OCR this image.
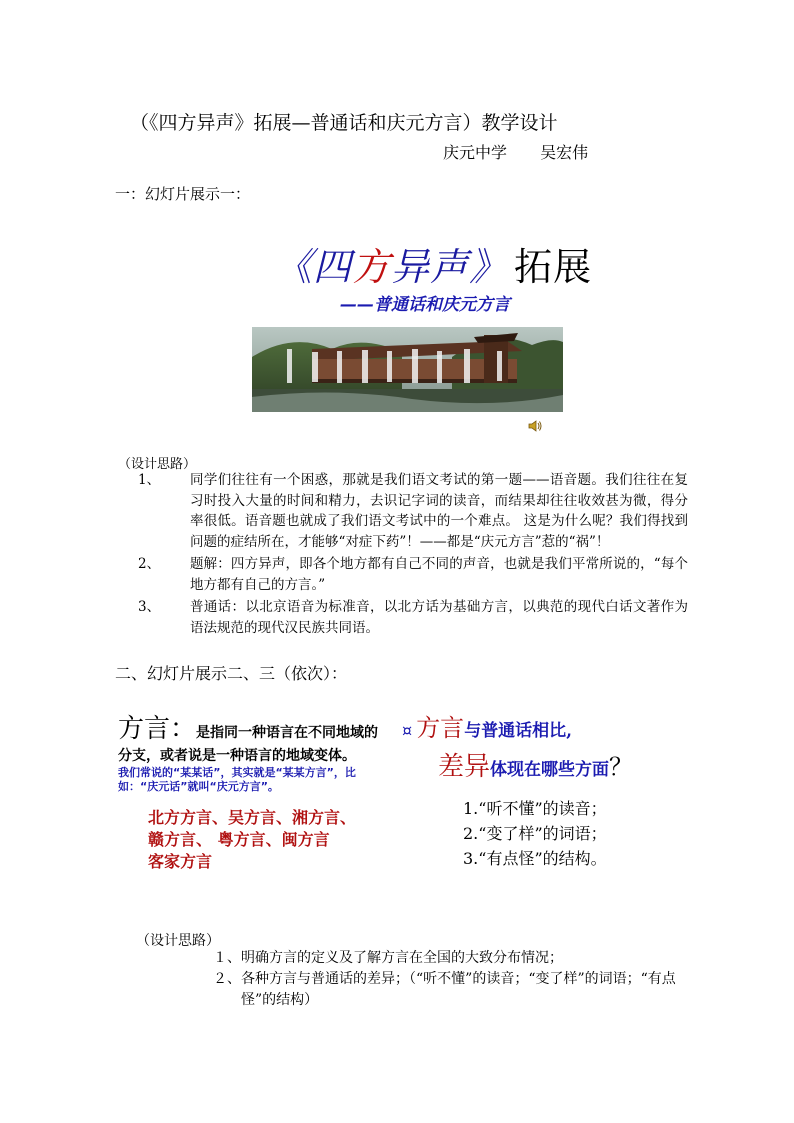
（《四方异声》拓展—普通话和庆元方言）教学设计
庆元中学 吴宏伟
一：幻灯片展示一：
《四方异声》 拓展
——普通话和庆元方言
（设计思路）
1、	同学们往往有一个困惑，那就是我们语文考试的第一题——语音题。我们往往在复习时投入大量的时间和精力，去识记字词的读音，而结果却往往收效甚为微，得分率很低。语音题也就成了我们语文考试中的一个难点。 这是为什么呢？我们得找到问题的症结所在，才能够“对症下药”！——都是“庆元方言”惹的“祸”！
2、	题解：四方异声，即各个地方都有自己不同的声音，也就是我们平常所说的，“每个地方都有自己的方言。”
3、	普通话：以北京语音为标准音，以北方话为基础方言，以典范的现代白话文著作为语法规范的现代汉民族共同语。
二、幻灯片展示二、三（依次）：
方言：是指同一种语言在不同地域的分支，或者说是一种语言的地域变体。
我们常说的“某某话”，其实就是“某某方言”，比如：“庆元话”就叫“庆元方言”。
北方方言、吴方言、湘方言、
赣方言、 粤方言、闽方言
客家方言
¤ 方言与普通话相比,
差异体现在哪些方面？
1.“听不懂”的读音；
2.“变了样”的词语；
3.“有点怪”的结构。
（设计思路）
１、 明确方言的定义及了解方言在全国的大致分布情况；
２、 各种方言与普通话的差异；（“听不懂”的读音；“变了样”的词语；“有点怪”的结构）
